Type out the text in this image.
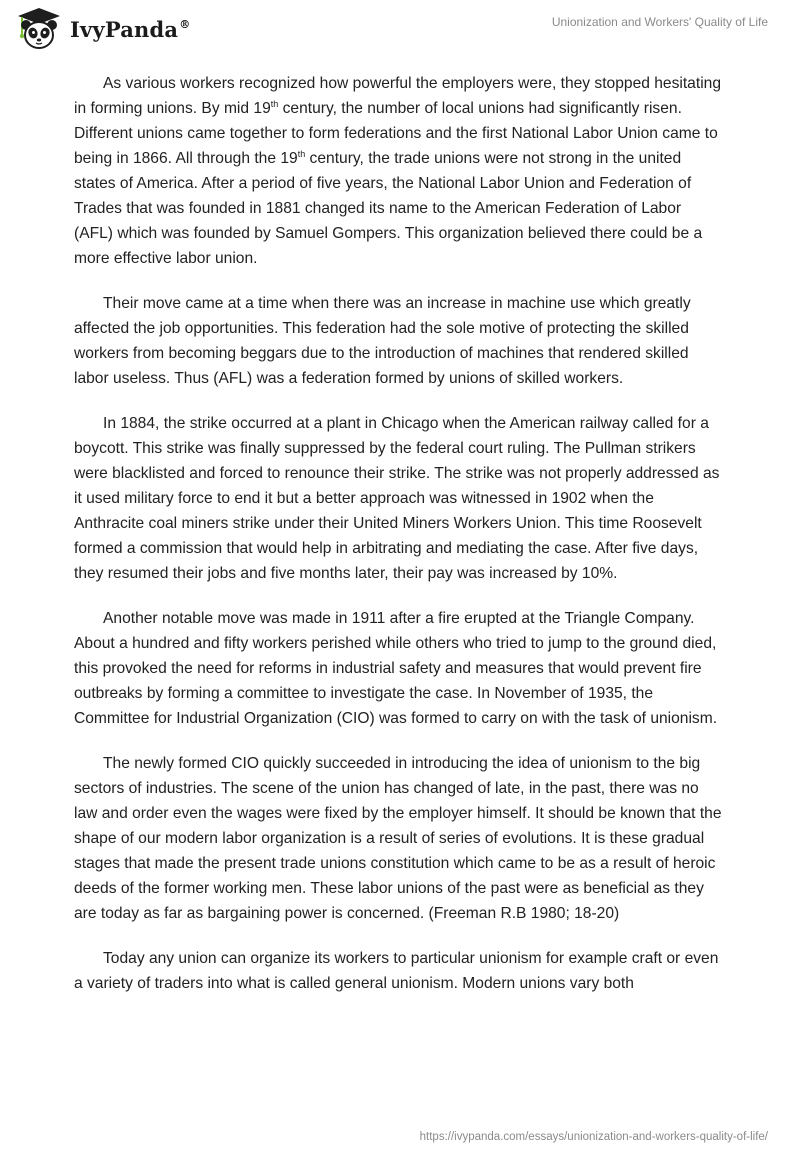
IvyPanda®	Unionization and Workers' Quality of Life

As various workers recognized how powerful the employers were, they stopped hesitating in forming unions. By mid 19th century, the number of local unions had significantly risen. Different unions came together to form federations and the first National Labor Union came to being in 1866. All through the 19th century, the trade unions were not strong in the united states of America. After a period of five years, the National Labor Union and Federation of Trades that was founded in 1881 changed its name to the American Federation of Labor (AFL) which was founded by Samuel Gompers. This organization believed there could be a more effective labor union.

Their move came at a time when there was an increase in machine use which greatly affected the job opportunities. This federation had the sole motive of protecting the skilled workers from becoming beggars due to the introduction of machines that rendered skilled labor useless. Thus (AFL) was a federation formed by unions of skilled workers.

In 1884, the strike occurred at a plant in Chicago when the American railway called for a boycott. This strike was finally suppressed by the federal court ruling. The Pullman strikers were blacklisted and forced to renounce their strike. The strike was not properly addressed as it used military force to end it but a better approach was witnessed in 1902 when the Anthracite coal miners strike under their United Miners Workers Union. This time Roosevelt formed a commission that would help in arbitrating and mediating the case. After five days, they resumed their jobs and five months later, their pay was increased by 10%.

Another notable move was made in 1911 after a fire erupted at the Triangle Company. About a hundred and fifty workers perished while others who tried to jump to the ground died, this provoked the need for reforms in industrial safety and measures that would prevent fire outbreaks by forming a committee to investigate the case. In November of 1935, the Committee for Industrial Organization (CIO) was formed to carry on with the task of unionism.

The newly formed CIO quickly succeeded in introducing the idea of unionism to the big sectors of industries. The scene of the union has changed of late, in the past, there was no law and order even the wages were fixed by the employer himself. It should be known that the shape of our modern labor organization is a result of series of evolutions. It is these gradual stages that made the present trade unions constitution which came to be as a result of heroic deeds of the former working men. These labor unions of the past were as beneficial as they are today as far as bargaining power is concerned. (Freeman R.B 1980; 18-20)

Today any union can organize its workers to particular unionism for example craft or even a variety of traders into what is called general unionism. Modern unions vary both

https://ivypanda.com/essays/unionization-and-workers-quality-of-life/
